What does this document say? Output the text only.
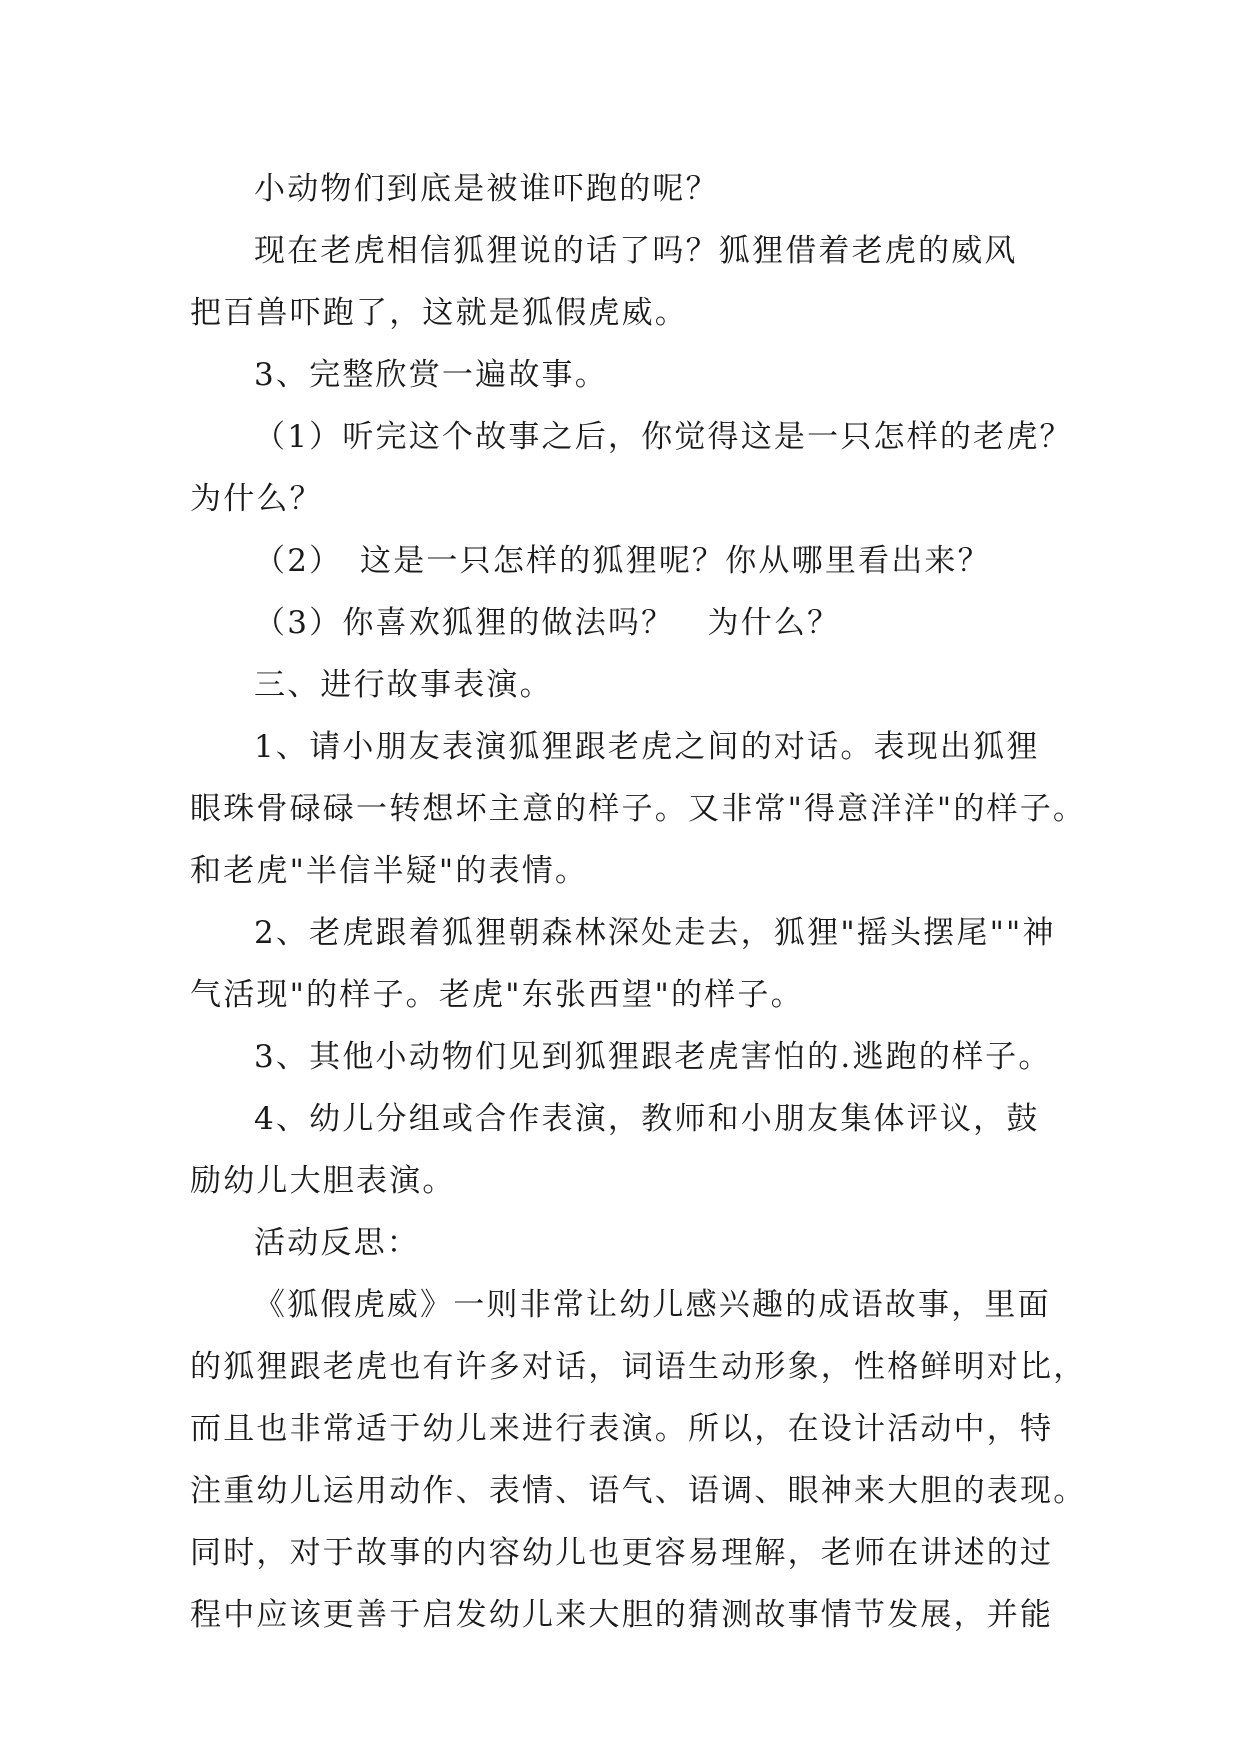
小动物们到底是被谁吓跑的呢？
现在老虎相信狐狸说的话了吗？狐狸借着老虎的威风
把百兽吓跑了，这就是狐假虎威。
3、完整欣赏一遍故事。
（1）听完这个故事之后，你觉得这是一只怎样的老虎？
为什么？
（2）　这是一只怎样的狐狸呢？你从哪里看出来？
（3）你喜欢狐狸的做法吗？　为什么？
三、进行故事表演。
1、请小朋友表演狐狸跟老虎之间的对话。表现出狐狸
眼珠骨碌碌一转想坏主意的样子。又非常"得意洋洋"的样子。
和老虎"半信半疑"的表情。
2、老虎跟着狐狸朝森林深处走去，狐狸"摇头摆尾""神
气活现"的样子。老虎"东张西望"的样子。
3、其他小动物们见到狐狸跟老虎害怕的.逃跑的样子。
4、幼儿分组或合作表演，教师和小朋友集体评议，鼓
励幼儿大胆表演。
活动反思：
《狐假虎威》一则非常让幼儿感兴趣的成语故事，里面
的狐狸跟老虎也有许多对话，词语生动形象，性格鲜明对比，
而且也非常适于幼儿来进行表演。所以，在设计活动中，特
注重幼儿运用动作、表情、语气、语调、眼神来大胆的表现。
同时，对于故事的内容幼儿也更容易理解，老师在讲述的过
程中应该更善于启发幼儿来大胆的猜测故事情节发展，并能
